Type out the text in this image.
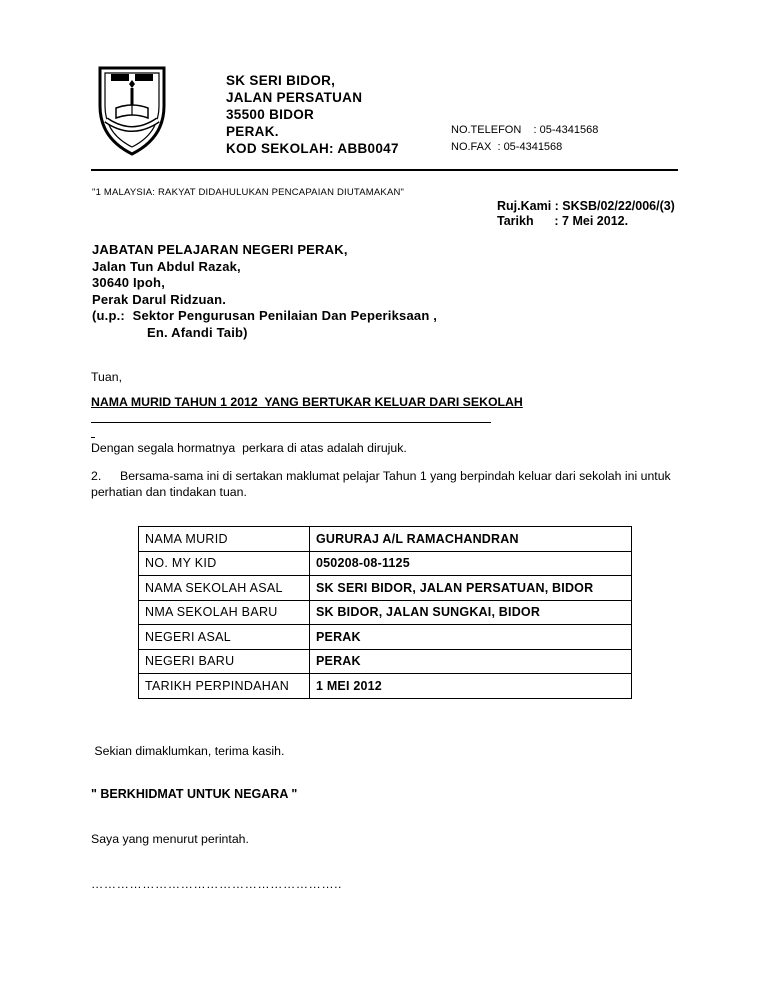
SK SERI BIDOR,
JALAN PERSATUAN
35500 BIDOR
PERAK.
KOD SEKOLAH: ABB0047
NO.TELEFON    : 05-4341568
NO.FAX  : 05-4341568
"1 MALAYSIA: RAKYAT DIDAHULUKAN PENCAPAIAN DIUTAMAKAN"
Ruj.Kami : SKSB/02/22/006/(3)
Tarikh      : 7 Mei 2012.
JABATAN PELAJARAN NEGERI PERAK,
Jalan Tun Abdul Razak,
30640 Ipoh,
Perak Darul Ridzuan.
(u.p.:  Sektor Pengurusan Penilaian Dan Peperiksaan ,
En. Afandi Taib)
Tuan,
NAMA MURID TAHUN 1 2012  YANG BERTUKAR KELUAR DARI SEKOLAH
Dengan segala hormatnya  perkara di atas adalah dirujuk.
2. Bersama-sama ini di sertakan maklumat pelajar Tahun 1 yang berpindah keluar dari sekolah ini untuk
perhatian dan tindakan tuan.
NAMA MURID	GURURAJ A/L RAMACHANDRAN
NO. MY KID	050208-08-1125
NAMA SEKOLAH ASAL	SK SERI BIDOR, JALAN PERSATUAN, BIDOR
NMA SEKOLAH BARU	SK BIDOR, JALAN SUNGKAI, BIDOR
NEGERI ASAL	PERAK
NEGERI BARU	PERAK
TARIKH PERPINDAHAN	1 MEI 2012
Sekian dimaklumkan, terima kasih.
" BERKHIDMAT UNTUK NEGARA "
Saya yang menurut perintah.
…………………………………………………..
